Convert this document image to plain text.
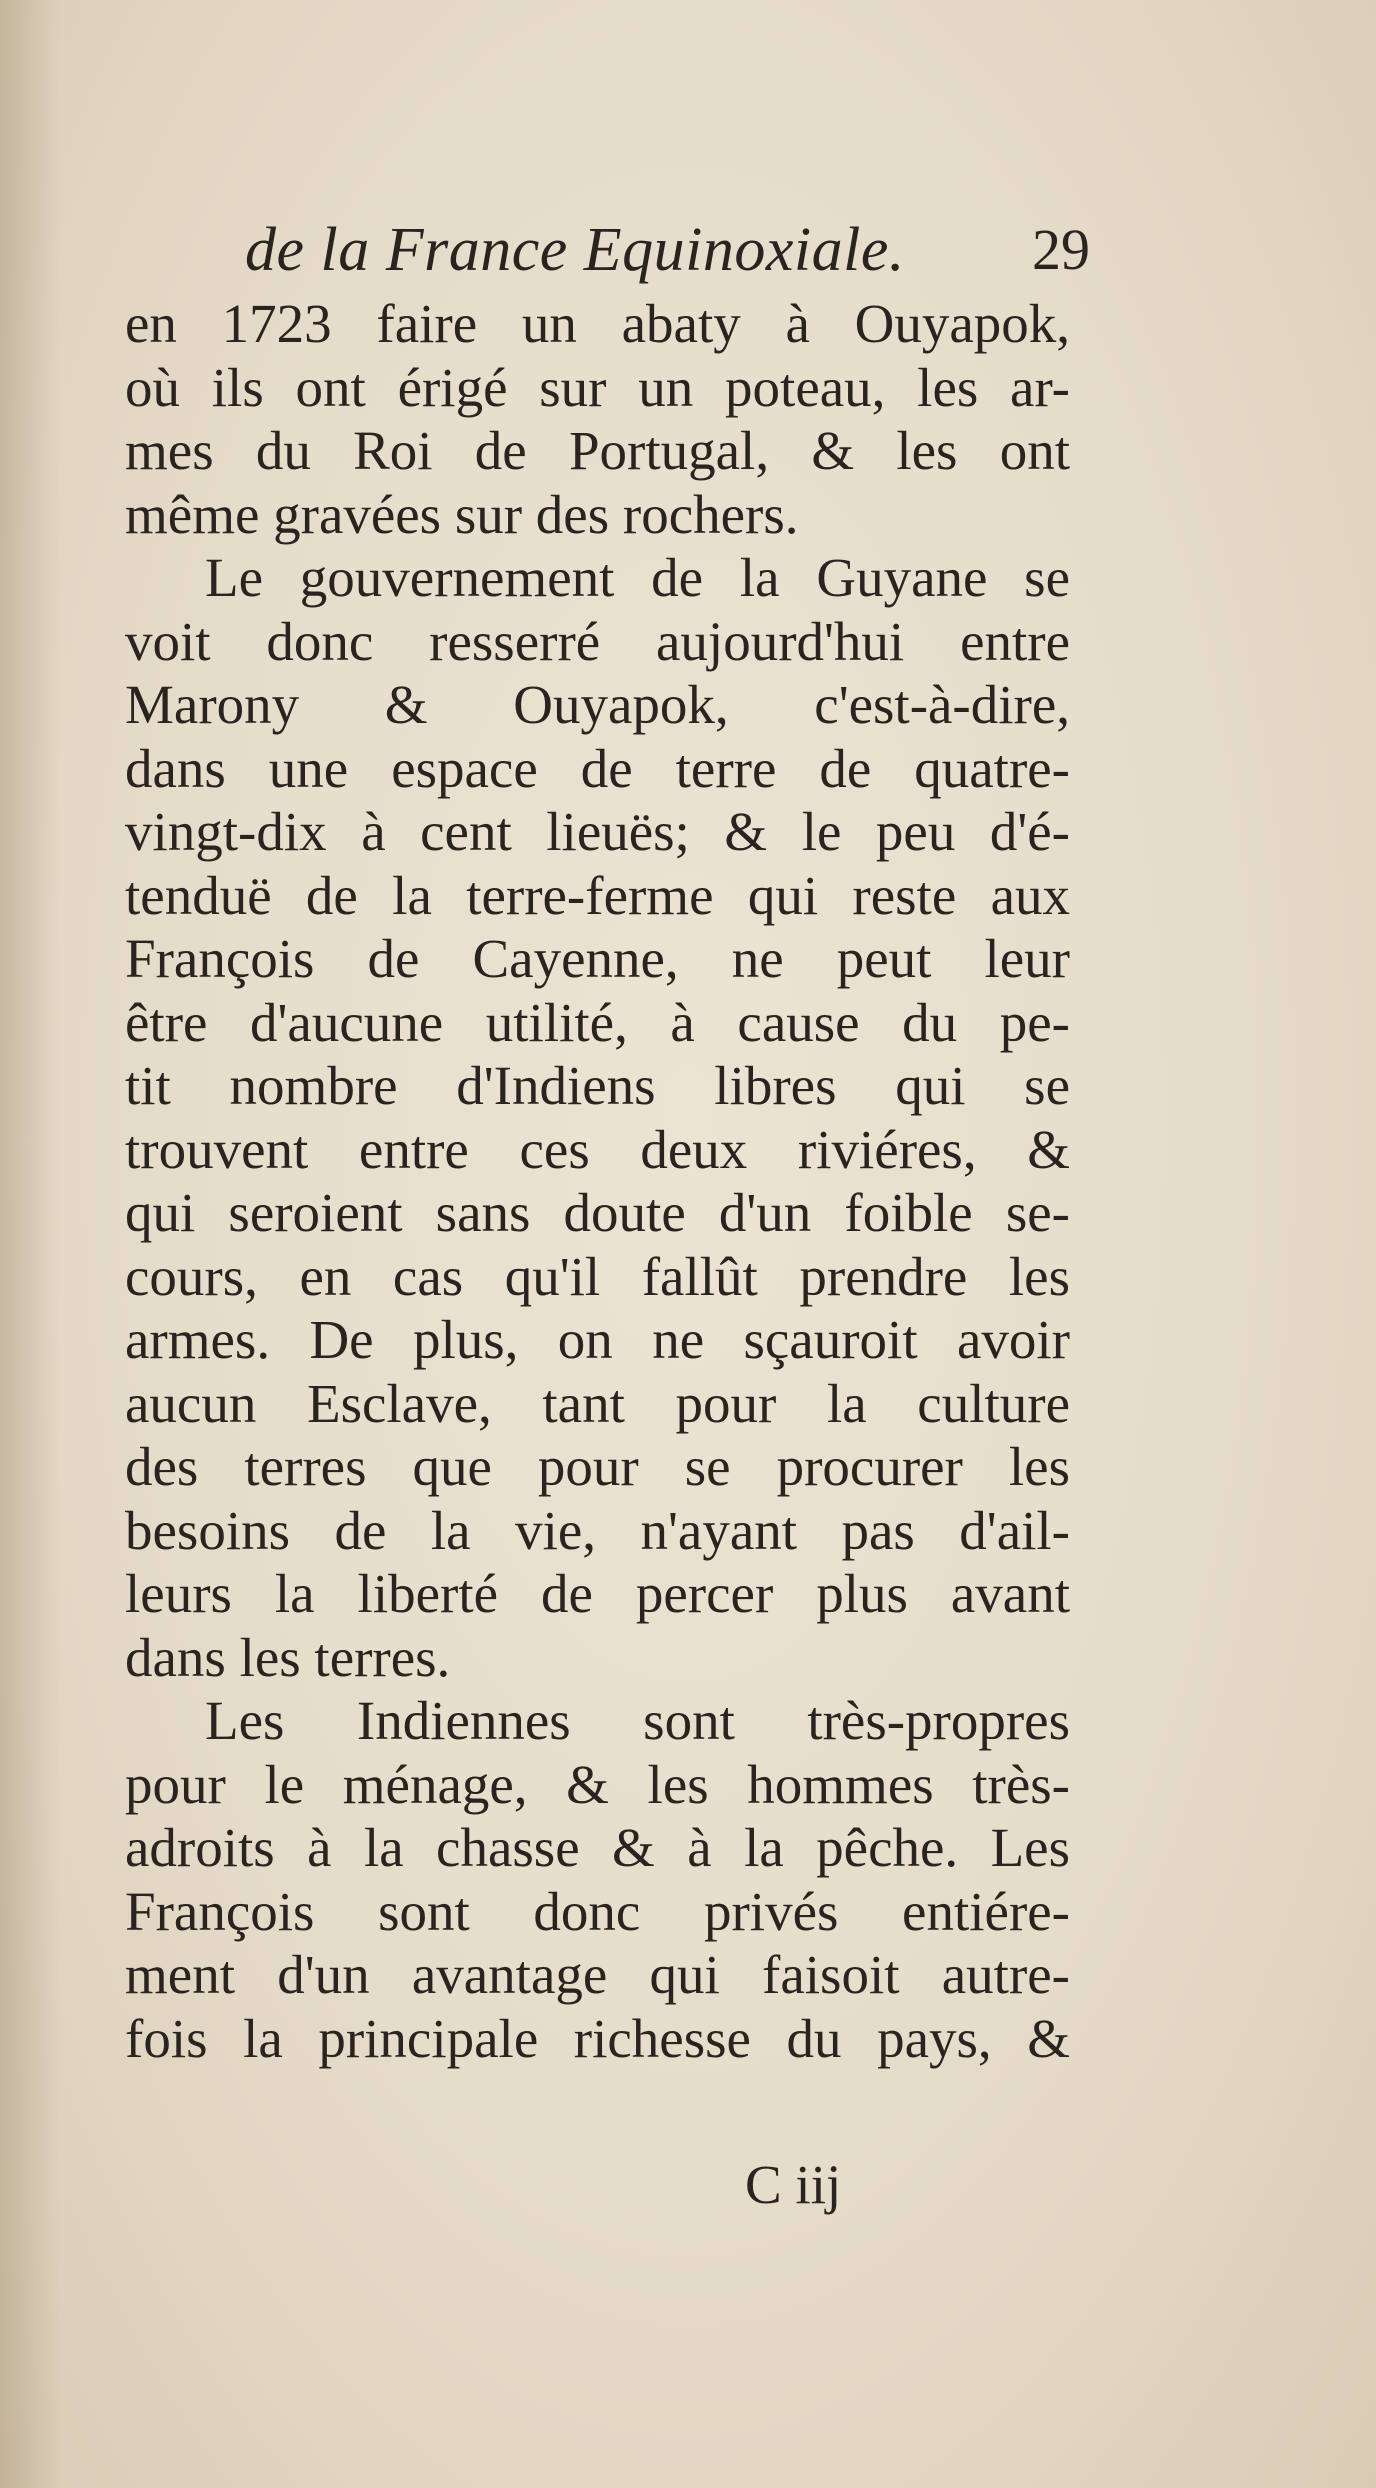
de la France Equinoxiale. 29
en 1723 faire un abaty à Ouyapok,
où ils ont érigé sur un poteau, les ar-
mes du Roi de Portugal, & les ont
même gravées sur des rochers.
Le gouvernement de la Guyane se
voit donc resserré aujourd'hui entre
Marony & Ouyapok, c'est-à-dire,
dans une espace de terre de quatre-
vingt-dix à cent lieuës; & le peu d'é-
tenduë de la terre-ferme qui reste aux
François de Cayenne, ne peut leur
être d'aucune utilité, à cause du pe-
tit nombre d'Indiens libres qui se
trouvent entre ces deux riviéres, &
qui seroient sans doute d'un foible se-
cours, en cas qu'il fallût prendre les
armes. De plus, on ne sçauroit avoir
aucun Esclave, tant pour la culture
des terres que pour se procurer les
besoins de la vie, n'ayant pas d'ail-
leurs la liberté de percer plus avant
dans les terres.
Les Indiennes sont très-propres
pour le ménage, & les hommes très-
adroits à la chasse & à la pêche. Les
François sont donc privés entiére-
ment d'un avantage qui faisoit autre-
fois la principale richesse du pays, &
C iij
